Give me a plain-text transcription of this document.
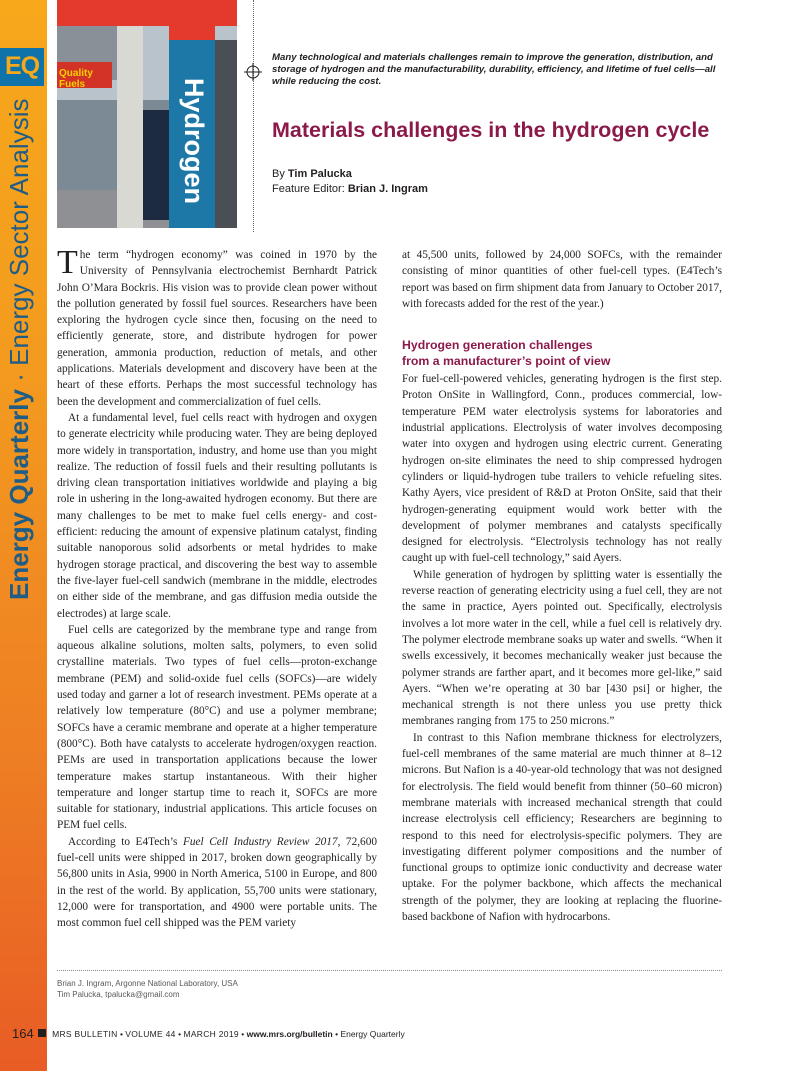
EQ
Energy Quarterly · Energy Sector Analysis
Quality Fuels	Hydrogen

Many technological and materials challenges remain to improve the generation, distribution, and storage of hydrogen and the manufacturability, durability, efficiency, and lifetime of fuel cells—all while reducing the cost.

Materials challenges in the hydrogen cycle

By Tim Palucka
Feature Editor: Brian J. Ingram

The term “hydrogen economy” was coined in 1970 by the University of Pennsylvania electrochemist Bernhardt Patrick John O’Mara Bockris. His vision was to provide clean power without the pollution generated by fossil fuel sources. Researchers have been exploring the hydrogen cycle since then, focusing on the need to efficiently generate, store, and distribute hydrogen for power generation, ammonia production, reduction of metals, and other applications. Materials development and discovery have been at the heart of these efforts. Perhaps the most successful technology has been the development and commercialization of fuel cells.

At a fundamental level, fuel cells react with hydrogen and oxygen to generate electricity while producing water. They are being deployed more widely in transportation, industry, and home use than you might realize. The reduction of fossil fuels and their resulting pollutants is driving clean transportation initiatives worldwide and playing a big role in ushering in the long-awaited hydrogen economy. But there are many challenges to be met to make fuel cells energy- and cost-efficient: reducing the amount of expensive platinum catalyst, finding suitable nanoporous solid adsorbents or metal hydrides to make hydrogen storage practical, and discovering the best way to assemble the five-layer fuel-cell sandwich (membrane in the middle, electrodes on either side of the membrane, and gas diffusion media outside the electrodes) at large scale.

Fuel cells are categorized by the membrane type and range from aqueous alkaline solutions, molten salts, polymers, to even solid crystalline materials. Two types of fuel cells—proton-exchange membrane (PEM) and solid-oxide fuel cells (SOFCs)—are widely used today and garner a lot of research investment. PEMs operate at a relatively low temperature (80°C) and use a polymer membrane; SOFCs have a ceramic membrane and operate at a higher temperature (800°C). Both have catalysts to accelerate hydrogen/oxygen reaction. PEMs are used in transportation applications because the lower temperature makes startup instantaneous. With their higher temperature and longer startup time to reach it, SOFCs are more suitable for stationary, industrial applications. This article focuses on PEM fuel cells.

According to E4Tech’s Fuel Cell Industry Review 2017, 72,600 fuel-cell units were shipped in 2017, broken down geographically by 56,800 units in Asia, 9900 in North America, 5100 in Europe, and 800 in the rest of the world. By application, 55,700 units were stationary, 12,000 were for transportation, and 4900 were portable units. The most common fuel cell shipped was the PEM variety

at 45,500 units, followed by 24,000 SOFCs, with the remainder consisting of minor quantities of other fuel-cell types. (E4Tech’s report was based on firm shipment data from January to October 2017, with forecasts added for the rest of the year.)

Hydrogen generation challenges
from a manufacturer’s point of view

For fuel-cell-powered vehicles, generating hydrogen is the first step. Proton OnSite in Wallingford, Conn., produces commercial, low-temperature PEM water electrolysis systems for laboratories and industrial applications. Electrolysis of water involves decomposing water into oxygen and hydrogen using electric current. Generating hydrogen on-site eliminates the need to ship compressed hydrogen cylinders or liquid-hydrogen tube trailers to vehicle refueling sites. Kathy Ayers, vice president of R&D at Proton OnSite, said that their hydrogen-generating equipment would work better with the development of polymer membranes and catalysts specifically designed for electrolysis. “Electrolysis technology has not really caught up with fuel-cell technology,” said Ayers.

While generation of hydrogen by splitting water is essentially the reverse reaction of generating electricity using a fuel cell, they are not the same in practice, Ayers pointed out. Specifically, electrolysis involves a lot more water in the cell, while a fuel cell is relatively dry. The polymer electrode membrane soaks up water and swells. “When it swells excessively, it becomes mechanically weaker just because the polymer strands are farther apart, and it becomes more gel-like,” said Ayers. “When we’re operating at 30 bar [430 psi] or higher, the mechanical strength is not there unless you use pretty thick membranes ranging from 175 to 250 microns.”

In contrast to this Nafion membrane thickness for electrolyzers, fuel-cell membranes of the same material are much thinner at 8–12 microns. But Nafion is a 40-year-old technology that was not designed for electrolysis. The field would benefit from thinner (50–60 micron) membrane materials with increased mechanical strength that could increase electrolysis cell efficiency; Researchers are beginning to respond to this need for electrolysis-specific polymers. They are investigating different polymer compositions and the number of functional groups to optimize ionic conductivity and decrease water uptake. For the polymer backbone, which affects the mechanical strength of the polymer, they are looking at replacing the fluorine-based backbone of Nafion with hydrocarbons.

Brian J. Ingram, Argonne National Laboratory, USA
Tim Palucka, tpalucka@gmail.com

164 MRS BULLETIN • VOLUME 44 • MARCH 2019 • www.mrs.org/bulletin • Energy Quarterly
